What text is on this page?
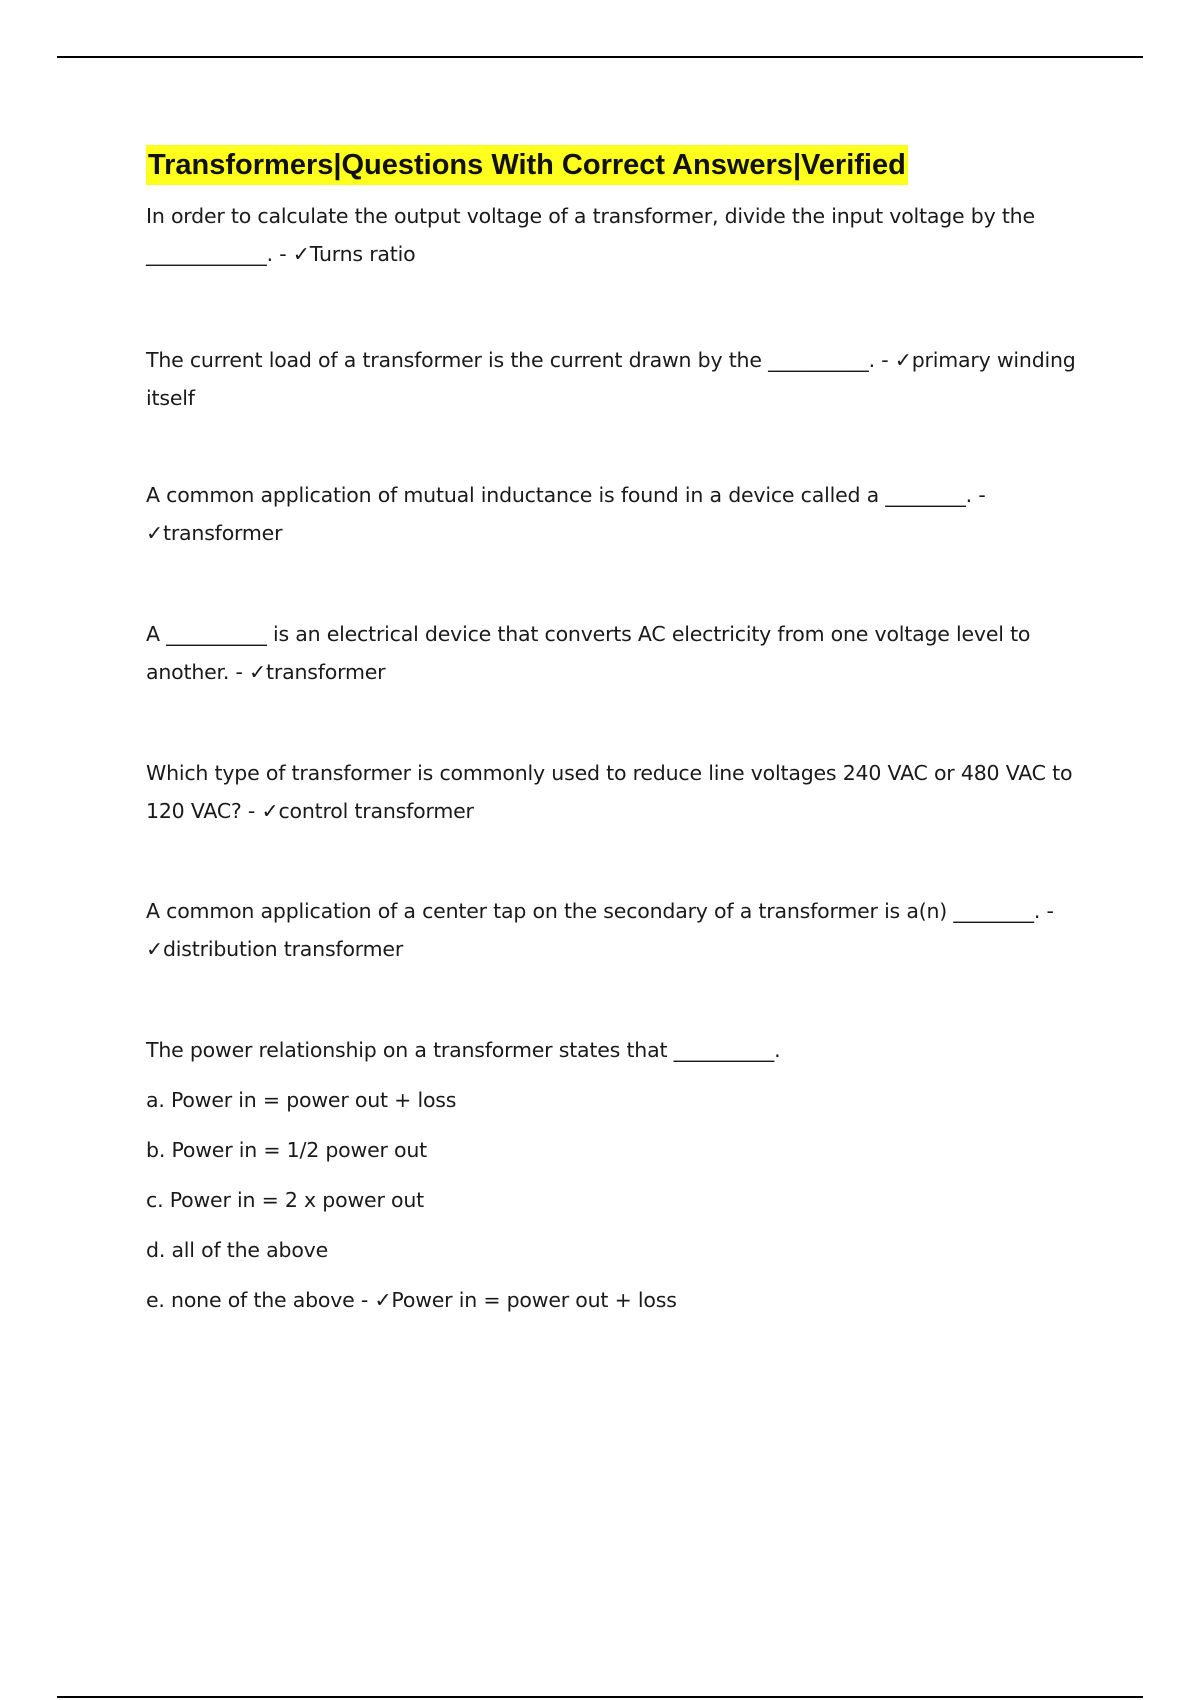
Transformers|Questions With Correct Answers|Verified

In order to calculate the output voltage of a transformer, divide the input voltage by the ____________. - ✓Turns ratio

The current load of a transformer is the current drawn by the __________. - ✓primary winding itself

A common application of mutual inductance is found in a device called a ________. - ✓transformer

A __________ is an electrical device that converts AC electricity from one voltage level to another. - ✓transformer

Which type of transformer is commonly used to reduce line voltages 240 VAC or 480 VAC to 120 VAC? - ✓control transformer

A common application of a center tap on the secondary of a transformer is a(n) ________. - ✓distribution transformer

The power relationship on a transformer states that __________.

a. Power in = power out + loss

b. Power in = 1/2 power out

c. Power in = 2 x power out

d. all of the above

e. none of the above - ✓Power in = power out + loss
